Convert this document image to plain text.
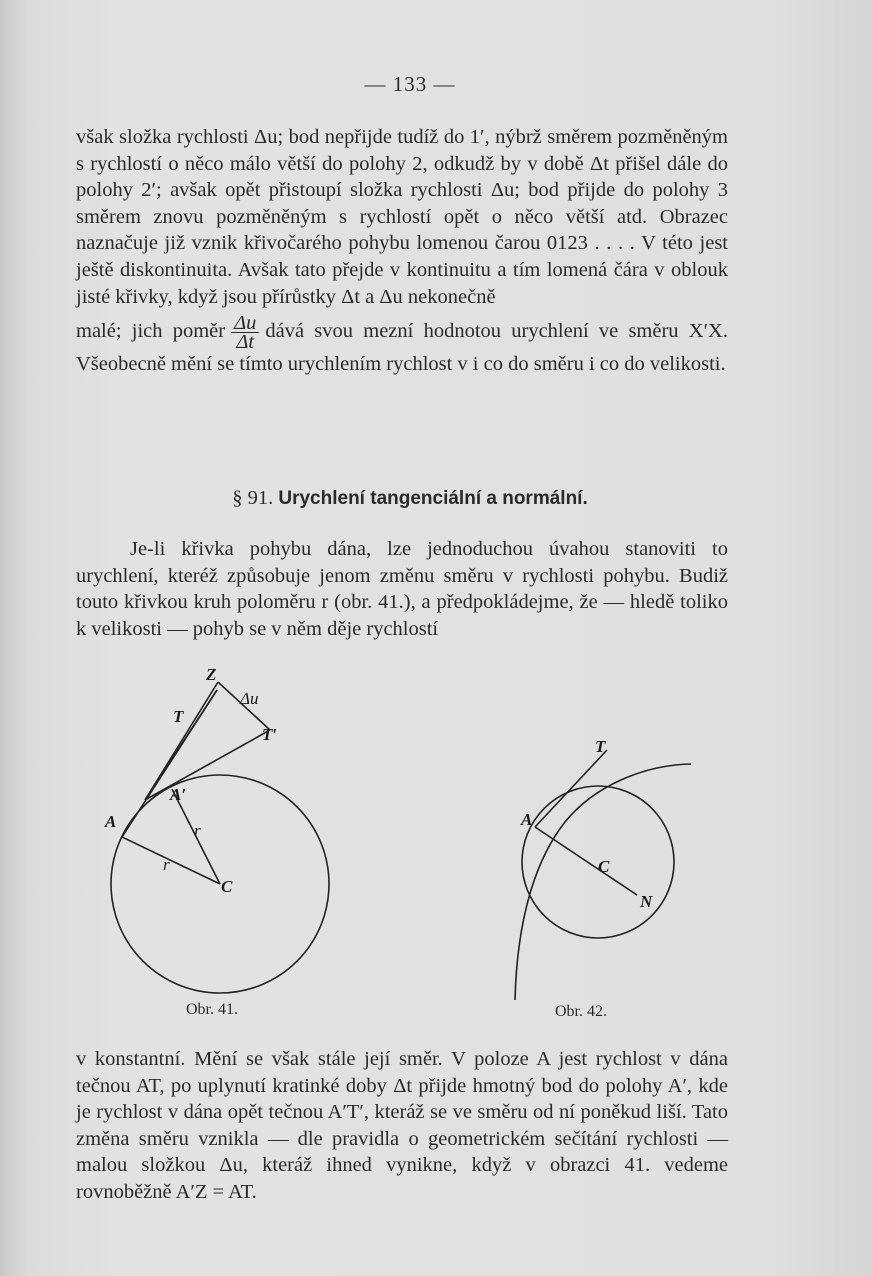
— 133 —

však složka rychlosti Δu; bod nepřijde tudíž do 1′, nýbrž směrem pozměněným s rychlostí o něco málo větší do polohy 2, odkudž by v době Δt přišel dále do polohy 2′; avšak opět přistoupí složka rychlosti Δu; bod přijde do polohy 3 směrem znovu pozměněným s rychlostí opět o něco větší atd. Obrazec naznačuje již vznik křivočarého pohybu lomenou čarou 0123 . . . . V této jest ještě diskontinuita. Avšak tato přejde v kontinuitu a tím lomená čára v oblouk jisté křivky, když jsou přírůstky Δt a Δu nekonečně

malé; jich poměr $\frac{\Delta u}{\Delta t}$ dává svou mezní hodnotou urychlení ve směru X′X. Všeobecně mění se tímto urychlením rychlost v i co do směru i co do velikosti.

§ 91. Urychlení tangenciální a normální.
Je-li křivka pohybu dána, lze jednoduchou úvahou stanoviti to urychlení, kteréž způsobuje jenom změnu směru v rychlosti pohybu. Budiž touto křivkou kruh poloměru r (obr. 41.), a předpokládejme, že — hledě toliko k velikosti — pohyb se v něm děje rychlostí
Z
Δu
T
T′
A′
A	r
r
C
Obr. 41.
T
A
C
N
Obr. 42.
v konstantní. Mění se však stále její směr. V poloze A jest rychlost v dána tečnou AT, po uplynutí kratinké doby Δt přijde hmotný bod do polohy A′, kde je rychlost v dána opět tečnou A′T′, kteráž se ve směru od ní poněkud liší. Tato změna směru vznikla — dle pravidla o geometrickém sečítání rychlosti — malou složkou Δu, kteráž ihned vynikne, když v obrazci 41. vedeme rovnoběžně A′Z = AT.
